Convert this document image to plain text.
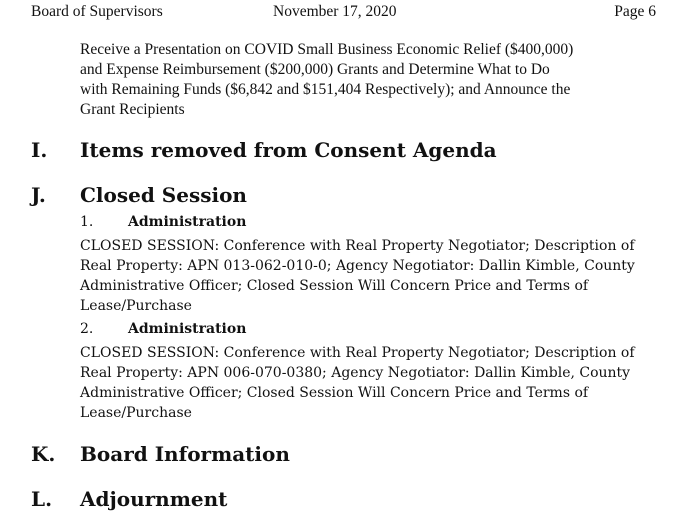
Board of Supervisors	November 17, 2020	Page 6
Receive a Presentation on COVID Small Business Economic Relief ($400,000)
and Expense Reimbursement ($200,000) Grants and Determine What to Do
with Remaining Funds ($6,842 and $151,404 Respectively); and Announce the
Grant Recipients
I. Items removed from Consent Agenda
J. Closed Session
1. Administration
CLOSED SESSION: Conference with Real Property Negotiator; Description of
Real Property: APN 013-062-010-0; Agency Negotiator: Dallin Kimble, County
Administrative Officer; Closed Session Will Concern Price and Terms of
Lease/Purchase
2. Administration
CLOSED SESSION: Conference with Real Property Negotiator; Description of
Real Property: APN 006-070-0380; Agency Negotiator: Dallin Kimble, County
Administrative Officer; Closed Session Will Concern Price and Terms of
Lease/Purchase
K. Board Information
L. Adjournment
